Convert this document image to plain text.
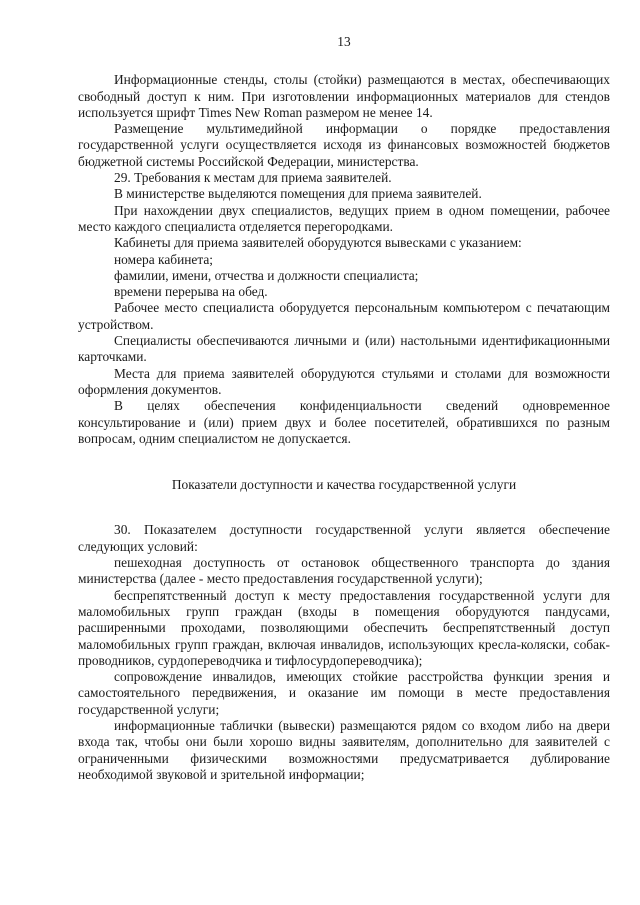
13

Информационные стенды, столы (стойки) размещаются в местах, обеспечивающих свободный доступ к ним. При изготовлении информационных материалов для стендов используется шрифт Times New Roman размером не менее 14.

Размещение мультимедийной информации о порядке предоставления государственной услуги осуществляется исходя из финансовых возможностей бюджетов бюджетной системы Российской Федерации, министерства.

29. Требования к местам для приема заявителей.

В министерстве выделяются помещения для приема заявителей.

При нахождении двух специалистов, ведущих прием в одном помещении, рабочее место каждого специалиста отделяется перегородками.

Кабинеты для приема заявителей оборудуются вывесками с указанием:

номера кабинета;

фамилии, имени, отчества и должности специалиста;

времени перерыва на обед.

Рабочее место специалиста оборудуется персональным компьютером с печатающим устройством.

Специалисты обеспечиваются личными и (или) настольными идентификационными карточками.

Места для приема заявителей оборудуются стульями и столами для возможности оформления документов.

В целях обеспечения конфиденциальности сведений одновременное консультирование и (или) прием двух и более посетителей, обратившихся по разным вопросам, одним специалистом не допускается.

Показатели доступности и качества государственной услуги

30. Показателем доступности государственной услуги является обеспечение следующих условий:

пешеходная доступность от остановок общественного транспорта до здания министерства (далее - место предоставления государственной услуги);

беспрепятственный доступ к месту предоставления государственной услуги для маломобильных групп граждан (входы в помещения оборудуются пандусами, расширенными проходами, позволяющими обеспечить беспрепятственный доступ маломобильных групп граждан, включая инвалидов, использующих кресла-коляски, собак-проводников, сурдопереводчика и тифлосурдопереводчика);

сопровождение инвалидов, имеющих стойкие расстройства функции зрения и самостоятельного передвижения, и оказание им помощи в месте предоставления государственной услуги;

информационные таблички (вывески) размещаются рядом со входом либо на двери входа так, чтобы они были хорошо видны заявителям, дополнительно для заявителей с ограниченными физическими возможностями предусматривается дублирование необходимой звуковой и зрительной информации;
